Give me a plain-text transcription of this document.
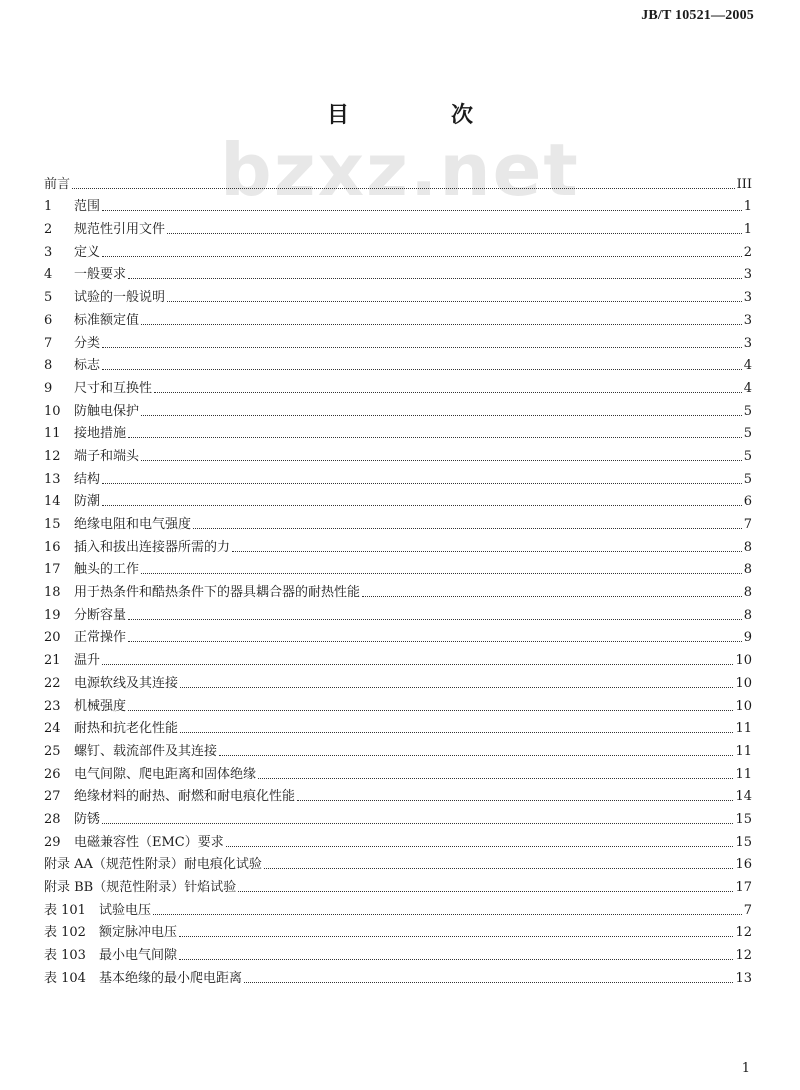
JB/T 10521—2005
目　次
bzxz.net
前言	III
1	范围	1
2	规范性引用文件	1
3	定义	2
4	一般要求	3
5	试验的一般说明	3
6	标准额定值	3
7	分类	3
8	标志	4
9	尺寸和互换性	4
10	防触电保护	5
11	接地措施	5
12	端子和端头	5
13	结构	5
14	防潮	6
15	绝缘电阻和电气强度	7
16	插入和拔出连接器所需的力	8
17	触头的工作	8
18	用于热条件和酷热条件下的器具耦合器的耐热性能	8
19	分断容量	8
20	正常操作	9
21	温升	10
22	电源软线及其连接	10
23	机械强度	10
24	耐热和抗老化性能	11
25	螺钉、载流部件及其连接	11
26	电气间隙、爬电距离和固体绝缘	11
27	绝缘材料的耐热、耐燃和耐电痕化性能	14
28	防锈	15
29	电磁兼容性（EMC）要求	15
附录 AA（规范性附录）耐电痕化试验	16
附录 BB（规范性附录）针焰试验	17
表 101　试验电压	7
表 102　额定脉冲电压	12
表 103　最小电气间隙	12
表 104　基本绝缘的最小爬电距离	13
1
